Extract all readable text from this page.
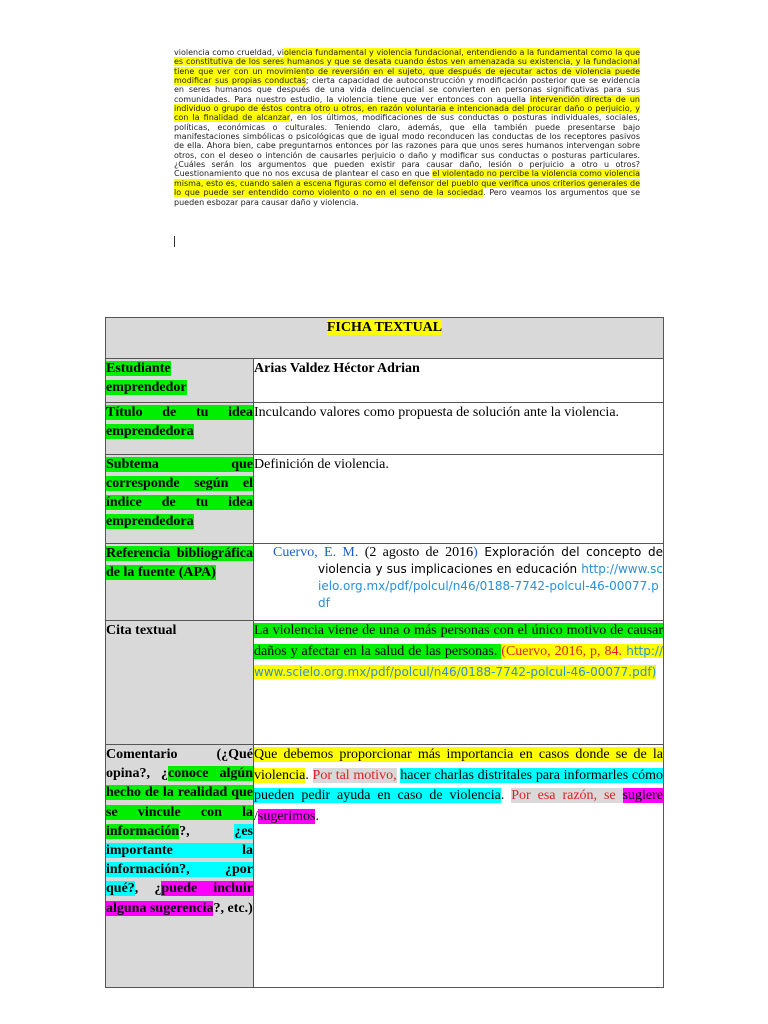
violencia como crueldad, violencia fundamental y violencia fundacional, entendiendo a la fundamental como la que es constitutiva de los seres humanos y que se desata cuando éstos ven amenazada su existencia, y la fundacional tiene que ver con un movimiento de reversión en el sujeto, que después de ejecutar actos de violencia puede modificar sus propias conductas; cierta capacidad de autoconstrucción y modificación posterior que se evidencia en seres humanos que después de una vida delincuencial se convierten en personas significativas para sus comunidades. Para nuestro estudio, la violencia tiene que ver entonces con aquella intervención directa de un individuo o grupo de éstos contra otro u otros, en razón voluntaria e intencionada del procurar daño o perjuicio, y con la finalidad de alcanzar, en los últimos, modificaciones de sus conductas o posturas individuales, sociales, políticas, económicas o culturales. Teniendo claro, además, que ella también puede presentarse bajo manifestaciones simbólicas o psicológicas que de igual modo reconducen las conductas de los receptores pasivos de ella. Ahora bien, cabe preguntarnos entonces por las razones para que unos seres humanos intervengan sobre otros, con el deseo o intención de causarles perjuicio o daño y modificar sus conductas o posturas particulares. ¿Cuáles serán los argumentos que pueden existir para causar daño, lesión o perjuicio a otro u otros? Cuestionamiento que no nos excusa de plantear el caso en que el violentado no percibe la violencia como violencia misma, esto es, cuando salen a escena figuras como el defensor del pueblo que verifica unos criterios generales de lo que puede ser entendido como violento o no en el seno de la sociedad. Pero veamos los argumentos que se pueden esbozar para causar daño y violencia.

FICHA TEXTUAL	
Estudiante emprendedor	Arias Valdez Héctor Adrian
Título de tu idea emprendedora	Inculcando valores como propuesta de solución ante la violencia.
Subtema que corresponde según el índice de tu idea emprendedora	Definición de violencia.
Referencia bibliográfica de la fuente (APA)	Cuervo, E. M. (2 agosto de 2016) Exploración del concepto de violencia y sus implicaciones en educación http://www.scielo.org.mx/pdf/polcul/n46/0188-7742-polcul-46-00077.pdf
Cita textual	La violencia viene de una o más personas con el único motivo de causar daños y afectar en la salud de las personas. (Cuervo, 2016, p, 84. http://www.scielo.org.mx/pdf/polcul/n46/0188-7742-polcul-46-00077.pdf)
Comentario (¿Qué opina?, ¿conoce algún hecho de la realidad que se vincule con la información?, ¿es importante la información?, ¿por qué?, ¿puede incluir alguna sugerencia?, etc.)	Que debemos proporcionar más importancia en casos donde se de la violencia. Por tal motivo, hacer charlas distritales para informarles cómo pueden pedir ayuda en caso de violencia. Por esa razón, se sugiere /sugerimos.
